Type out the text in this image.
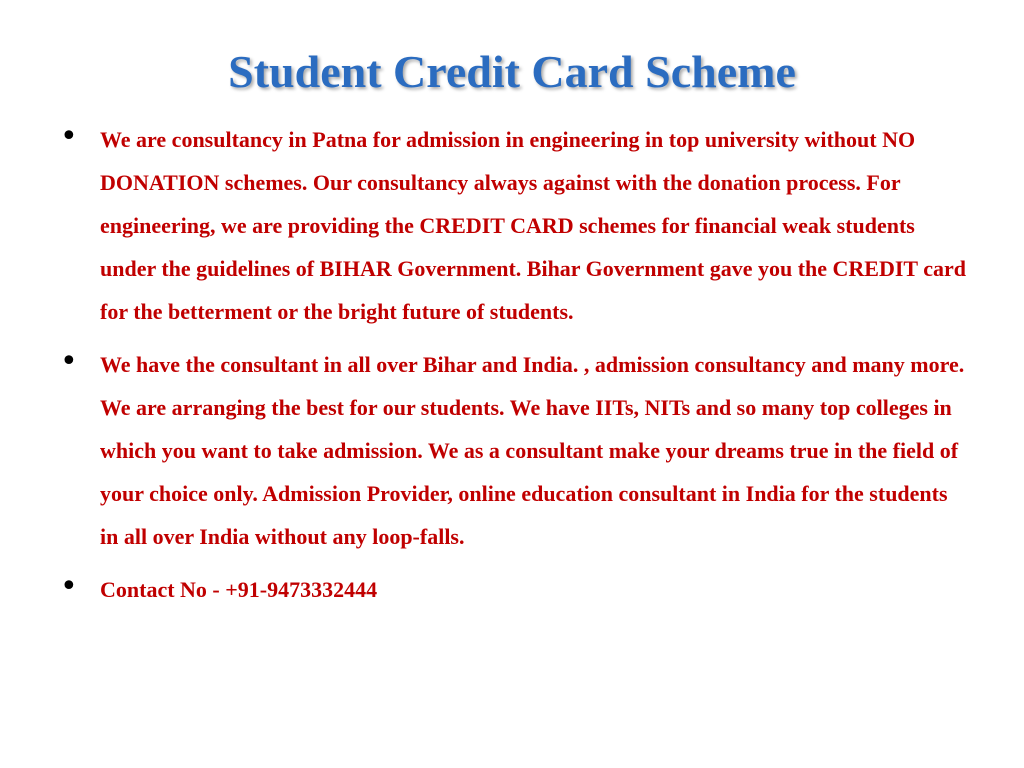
Student Credit Card Scheme
• We are consultancy in Patna for admission in engineering in top university without NO DONATION schemes. Our consultancy always against with the donation process. For engineering, we are providing the CREDIT CARD schemes for financial weak students under the guidelines of BIHAR Government. Bihar Government gave you the CREDIT card for the betterment or the bright future of students.
• We have the consultant in all over Bihar and India. , admission consultancy and many more. We are arranging the best for our students. We have IITs, NITs and so many top colleges in which you want to take admission. We as a consultant make your dreams true in the field of your choice only. Admission Provider, online education consultant in India for the students in all over India without any loop-falls.
• Contact No - +91-9473332444
